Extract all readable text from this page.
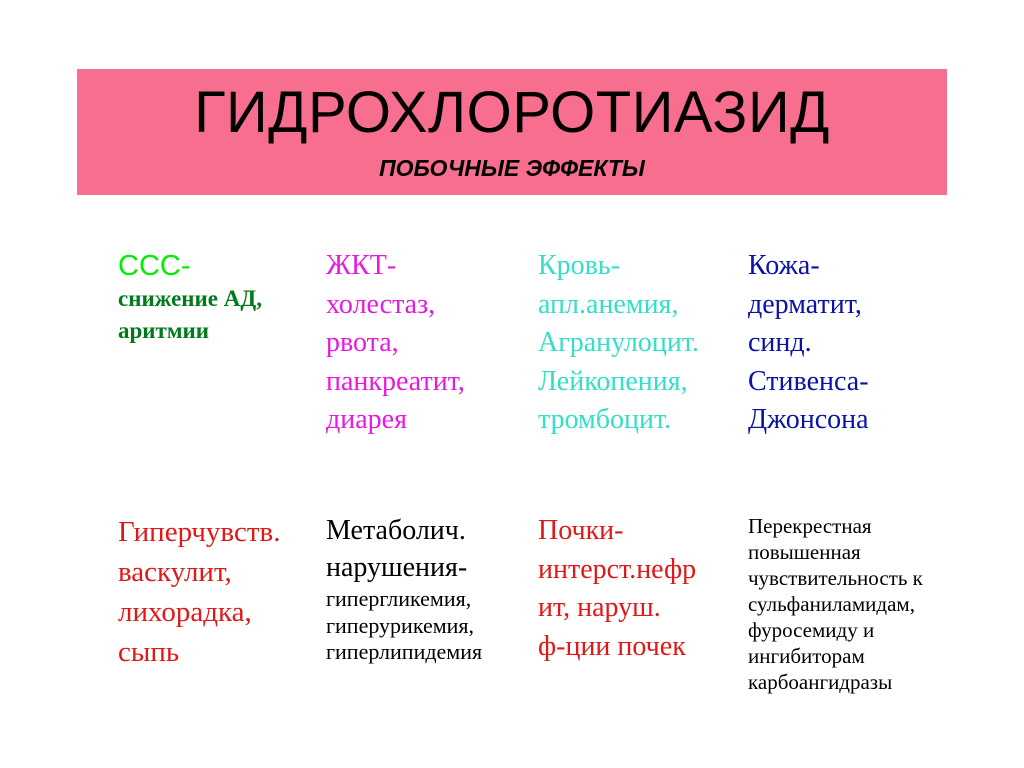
ГИДРОХЛОРОТИАЗИД
ПОБОЧНЫЕ ЭФФЕКТЫ
ССС-
снижение АД,
аритмии
ЖКТ-
холестаз,
рвота,
панкреатит,
диарея
Кровь-
апл.анемия,
Агранулоцит.
Лейкопения,
тромбоцит.
Кожа-
дерматит,
синд.
Стивенса-
Джонсона
Гиперчувств.
васкулит,
лихорадка,
сыпь
Метаболич.
нарушения-
гипергликемия,
гиперурикемия,
гиперлипидемия
Почки-
интерст.нефр
ит, наруш.
ф-ции почек
Перекрестная
повышенная
чувствительность к
сульфаниламидам,
фуросемиду и
ингибиторам
карбоангидразы
